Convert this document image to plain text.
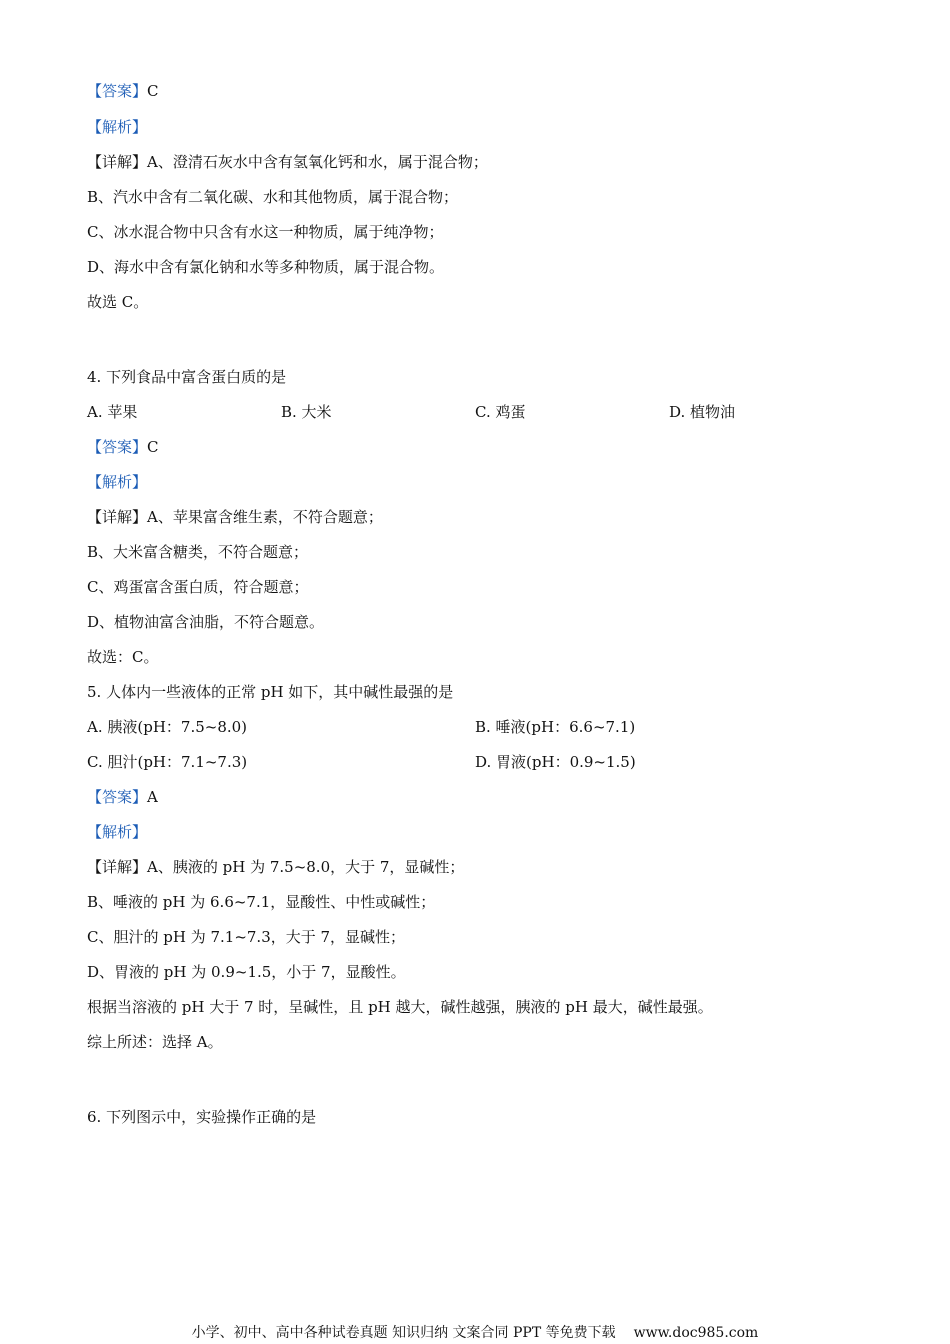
【答案】C
【解析】
【详解】A、澄清石灰水中含有氢氧化钙和水，属于混合物；
B、汽水中含有二氧化碳、水和其他物质，属于混合物；
C、冰水混合物中只含有水这一种物质，属于纯净物；
D、海水中含有氯化钠和水等多种物质，属于混合物。
故选 C。
4. 下列食品中富含蛋白质的是
A. 苹果	B. 大米	C. 鸡蛋	D. 植物油
【答案】C
【解析】
【详解】A、苹果富含维生素，不符合题意；
B、大米富含糖类，不符合题意；
C、鸡蛋富含蛋白质，符合题意；
D、植物油富含油脂，不符合题意。
故选：C。
5. 人体内一些液体的正常 pH 如下，其中碱性最强的是
A. 胰液(pH：7.5~8.0)	B. 唾液(pH：6.6~7.1)
C. 胆汁(pH：7.1~7.3)	D. 胃液(pH：0.9~1.5)
【答案】A
【解析】
【详解】A、胰液的 pH 为 7.5~8.0，大于 7，显碱性；
B、唾液的 pH 为 6.6~7.1，显酸性、中性或碱性；
C、胆汁的 pH 为 7.1~7.3，大于 7，显碱性；
D、胃液的 pH 为 0.9~1.5，小于 7，显酸性。
根据当溶液的 pH 大于 7 时，呈碱性，且 pH 越大，碱性越强，胰液的 pH 最大，碱性最强。
综上所述：选择 A。
6. 下列图示中，实验操作正确的是
小学、初中、高中各种试卷真题 知识归纳 文案合同 PPT 等免费下载 www.doc985.com
